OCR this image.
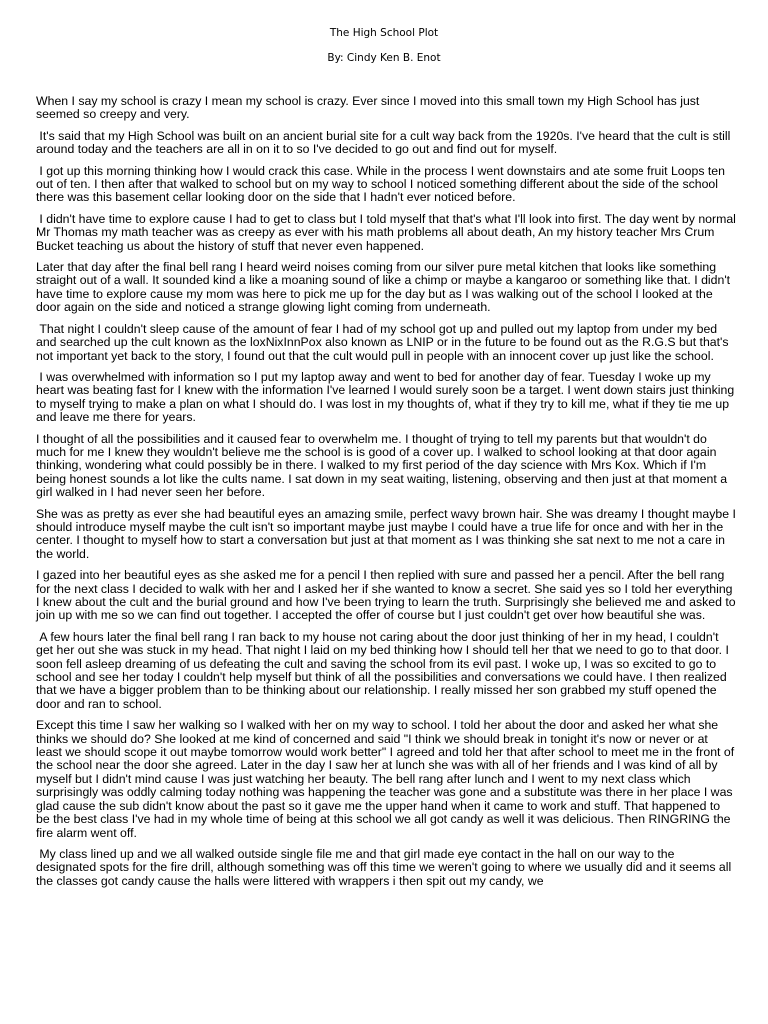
The High School Plot
By: Cindy Ken B. Enot

When I say my school is crazy I mean my school is crazy. Ever since I moved into this small town my High School has just seemed so creepy and very.

It's said that my High School was built on an ancient burial site for a cult way back from the 1920s. I've heard that the cult is still around today and the teachers are all in on it to so I've decided to go out and find out for myself.

I got up this morning thinking how I would crack this case. While in the process I went downstairs and ate some fruit Loops ten out of ten. I then after that walked to school but on my way to school I noticed something different about the side of the school there was this basement cellar looking door on the side that I hadn't ever noticed before.

I didn't have time to explore cause I had to get to class but I told myself that that's what I'll look into first. The day went by normal Mr Thomas my math teacher was as creepy as ever with his math problems all about death, An my history teacher Mrs Crum Bucket teaching us about the history of stuff that never even happened.

Later that day after the final bell rang I heard weird noises coming from our silver pure metal kitchen that looks like something straight out of a wall. It sounded kind a like a moaning sound of like a chimp or maybe a kangaroo or something like that. I didn't have time to explore cause my mom was here to pick me up for the day but as I was walking out of the school I looked at the door again on the side and noticed a strange glowing light coming from underneath.

That night I couldn't sleep cause of the amount of fear I had of my school got up and pulled out my laptop from under my bed and searched up the cult known as the loxNixInnPox also known as LNIP or in the future to be found out as the R.G.S but that's not important yet back to the story, I found out that the cult would pull in people with an innocent cover up just like the school.

I was overwhelmed with information so I put my laptop away and went to bed for another day of fear. Tuesday I woke up my heart was beating fast for I knew with the information I've learned I would surely soon be a target. I went down stairs just thinking to myself trying to make a plan on what I should do. I was lost in my thoughts of, what if they try to kill me, what if they tie me up and leave me there for years.

I thought of all the possibilities and it caused fear to overwhelm me. I thought of trying to tell my parents but that wouldn't do much for me I knew they wouldn't believe me the school is is good of a cover up. I walked to school looking at that door again thinking, wondering what could possibly be in there. I walked to my first period of the day science with Mrs Kox. Which if I'm being honest sounds a lot like the cults name. I sat down in my seat waiting, listening, observing and then just at that moment a girl walked in I had never seen her before.

She was as pretty as ever she had beautiful eyes an amazing smile, perfect wavy brown hair. She was dreamy I thought maybe I should introduce myself maybe the cult isn't so important maybe just maybe I could have a true life for once and with her in the center. I thought to myself how to start a conversation but just at that moment as I was thinking she sat next to me not a care in the world.

I gazed into her beautiful eyes as she asked me for a pencil I then replied with sure and passed her a pencil. After the bell rang for the next class I decided to walk with her and I asked her if she wanted to know a secret. She said yes so I told her everything I knew about the cult and the burial ground and how I've been trying to learn the truth. Surprisingly she believed me and asked to join up with me so we can find out together. I accepted the offer of course but I just couldn't get over how beautiful she was.

A few hours later the final bell rang I ran back to my house not caring about the door just thinking of her in my head, I couldn't get her out she was stuck in my head. That night I laid on my bed thinking how I should tell her that we need to go to that door. I soon fell asleep dreaming of us defeating the cult and saving the school from its evil past. I woke up, I was so excited to go to school and see her today I couldn't help myself but think of all the possibilities and conversations we could have. I then realized that we have a bigger problem than to be thinking about our relationship. I really missed her son grabbed my stuff opened the door and ran to school.

Except this time I saw her walking so I walked with her on my way to school. I told her about the door and asked her what she thinks we should do? She looked at me kind of concerned and said "I think we should break in tonight it's now or never or at least we should scope it out maybe tomorrow would work better" I agreed and told her that after school to meet me in the front of the school near the door she agreed. Later in the day I saw her at lunch she was with all of her friends and I was kind of all by myself but I didn't mind cause I was just watching her beauty. The bell rang after lunch and I went to my next class which surprisingly was oddly calming today nothing was happening the teacher was gone and a substitute was there in her place I was glad cause the sub didn't know about the past so it gave me the upper hand when it came to work and stuff. That happened to be the best class I've had in my whole time of being at this school we all got candy as well it was delicious. Then RINGRING the fire alarm went off.

My class lined up and we all walked outside single file me and that girl made eye contact in the hall on our way to the designated spots for the fire drill, although something was off this time we weren't going to where we usually did and it seems all the classes got candy cause the halls were littered with wrappers i then spit out my candy, we
